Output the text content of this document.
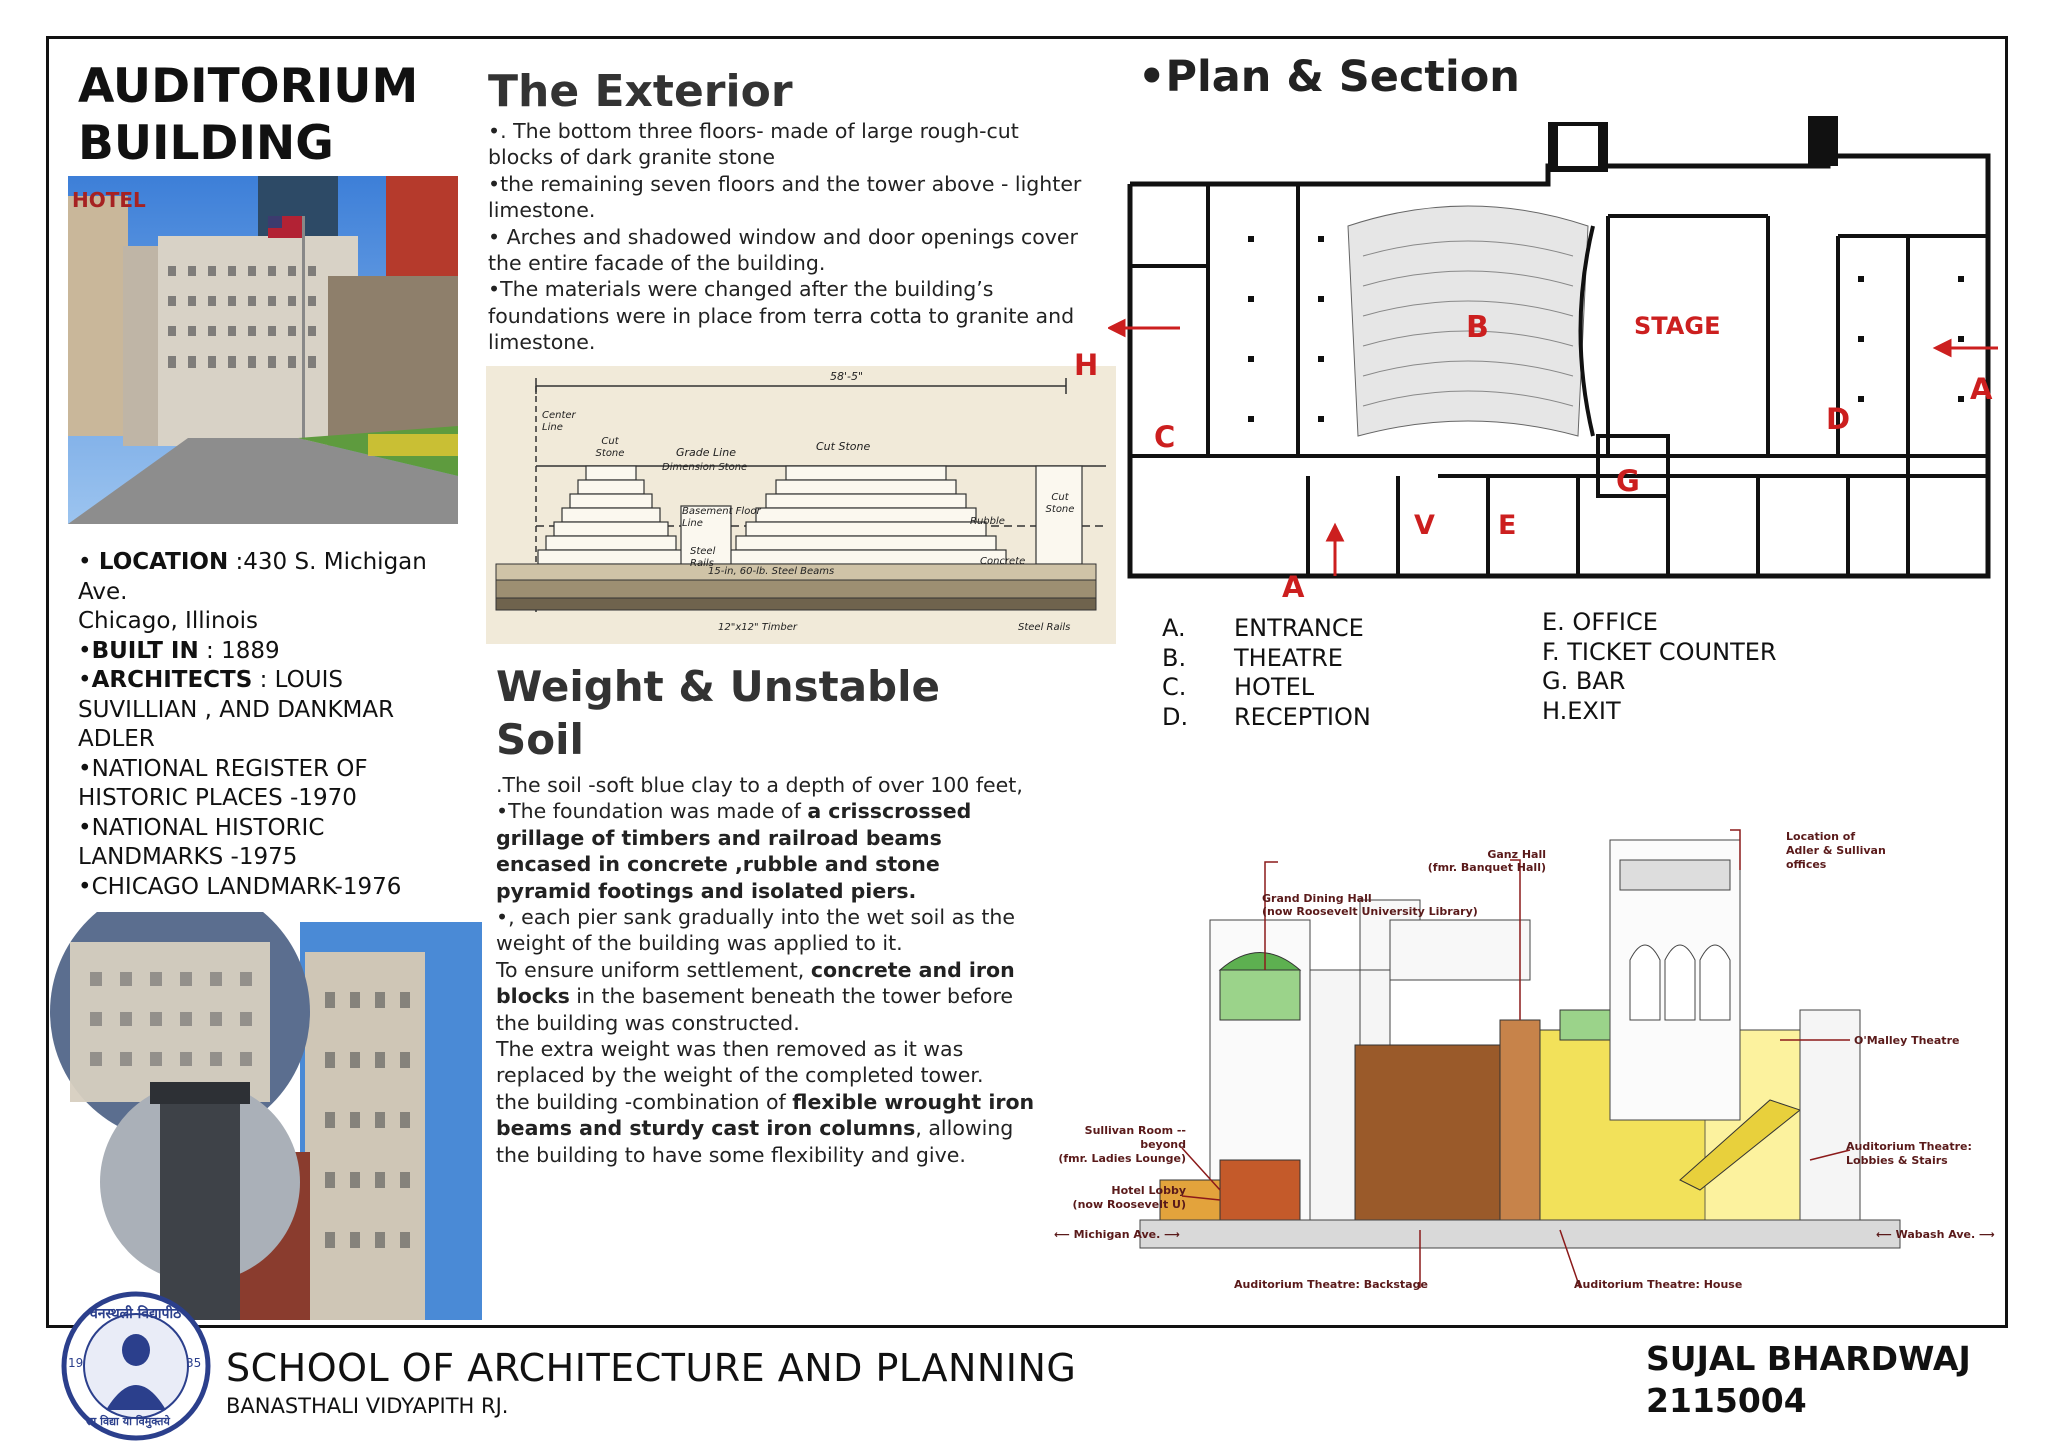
AUDITORIUM
BUILDING
HOTEL
• LOCATION :430 S. Michigan Ave.
Chicago, Illinois
•BUILT IN : 1889
•ARCHITECTS : LOUIS SUVILLIAN , AND DANKMAR ADLER
•NATIONAL REGISTER OF HISTORIC PLACES -1970
•NATIONAL HISTORIC LANDMARKS -1975
•CHICAGO LANDMARK-1976
The Exterior
•. The bottom three floors- made of large rough-cut blocks of dark granite stone
•the remaining seven floors and the tower above - lighter limestone.
• Arches and shadowed window and door openings cover the entire facade of the building.
•The materials were changed after the building’s foundations were in place from terra cotta to granite and limestone.
58'-5"
Center Line
Cut Stone	Grade Line	Cut Stone
Dimension Stone
Basement Floor Line
Steel Rails
Rubble
Cut Stone
Concrete
15-in, 60-lb. Steel Beams
12"x12" Timber	Steel Rails
Weight & Unstable Soil
.The soil -soft blue clay to a depth of over 100 feet,
•The foundation was made of a crisscrossed grillage of timbers and railroad beams encased in concrete ,rubble and stone pyramid footings and isolated piers.
•, each pier sank gradually into the wet soil as the weight of the building was applied to it.
To ensure uniform settlement, concrete and iron blocks in the basement beneath the tower before the building was constructed.
The extra weight was then removed as it was replaced by the weight of the completed tower.
the building -combination of flexible wrought iron beams and sturdy cast iron columns, allowing the building to have some flexibility and give.
•Plan & Section
B	STAGE
H
C
D
A
G
V E
A
A.	ENTRANCE
B.	THEATRE
C.	HOTEL
D.	RECEPTION
E. OFFICE
F. TICKET COUNTER
G. BAR
H.EXIT
Ganz Hall
(fmr. Banquet Hall)
Grand Dining Hall
(now Roosevelt University Library)
Location of
Adler & Sullivan
offices
O'Malley Theatre
Sullivan Room -- beyond
(fmr. Ladies Lounge)
Hotel Lobby
(now Roosevelt U)
Auditorium Theatre:
Lobbies & Stairs
⟵ Michigan Ave. ⟶	⟵ Wabash Ave. ⟶
Auditorium Theatre: Backstage	Auditorium Theatre: House
वनस्थली विद्यापीठ
19	35
सा विद्या या विमुक्तये
SCHOOL OF ARCHITECTURE AND PLANNING
BANASTHALI VIDYAPITH RJ.
SUJAL BHARDWAJ
2115004
